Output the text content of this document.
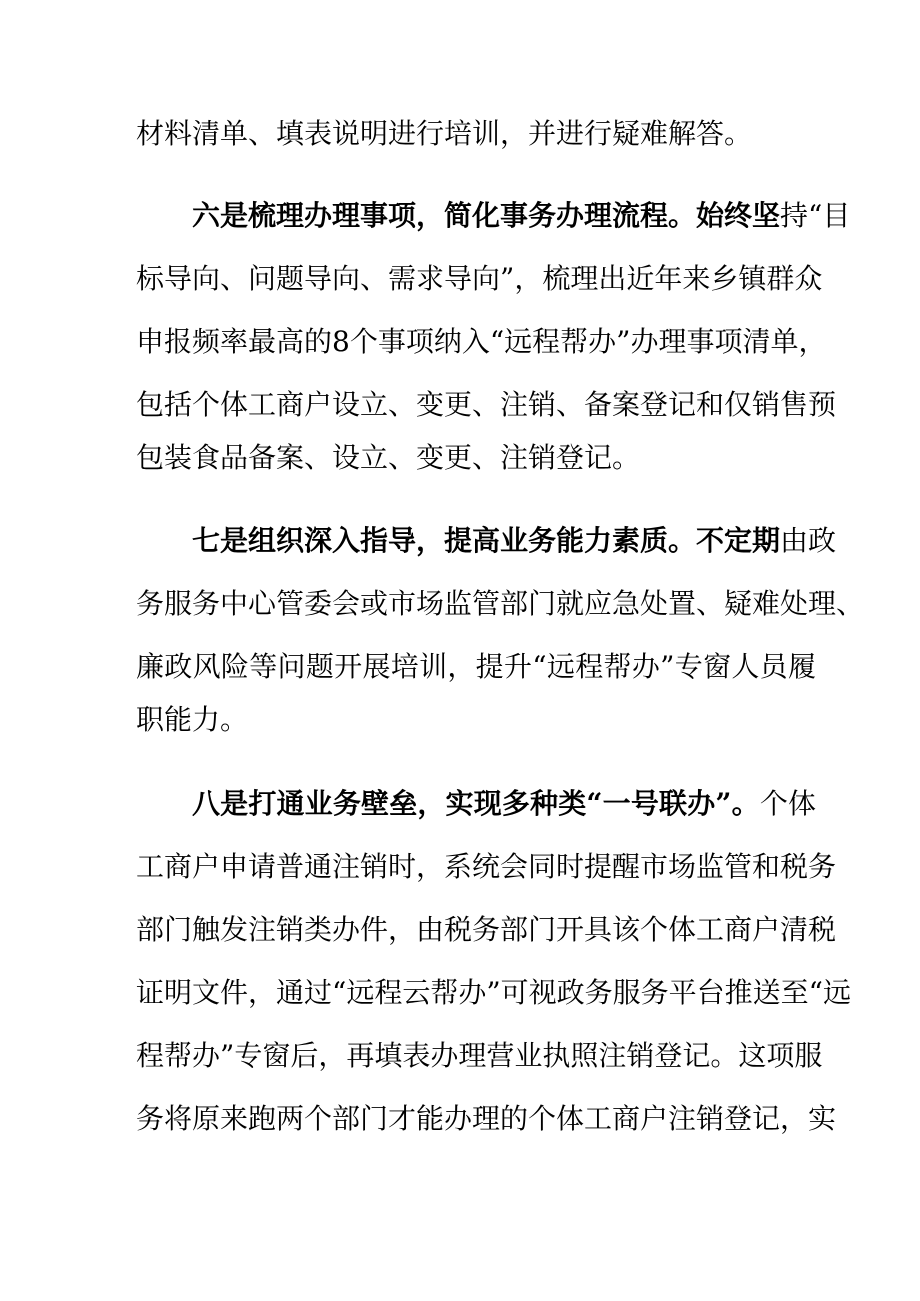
材料清单、填表说明进行培训，并进行疑难解答。
六是梳理办理事项，简化事务办理流程。始终坚持“目
标导向、问题导向、需求导向”，梳理出近年来乡镇群众
申报频率最高的8个事项纳入“远程帮办”办理事项清单，
包括个体工商户设立、变更、注销、备案登记和仅销售预
包装食品备案、设立、变更、注销登记。
七是组织深入指导，提高业务能力素质。不定期由政
务服务中心管委会或市场监管部门就应急处置、疑难处理、
廉政风险等问题开展培训，提升“远程帮办”专窗人员履
职能力。
八是打通业务壁垒，实现多种类“一号联办”。个体
工商户申请普通注销时，系统会同时提醒市场监管和税务
部门触发注销类办件，由税务部门开具该个体工商户清税
证明文件，通过“远程云帮办”可视政务服务平台推送至“远
程帮办”专窗后，再填表办理营业执照注销登记。这项服
务将原来跑两个部门才能办理的个体工商户注销登记，实
